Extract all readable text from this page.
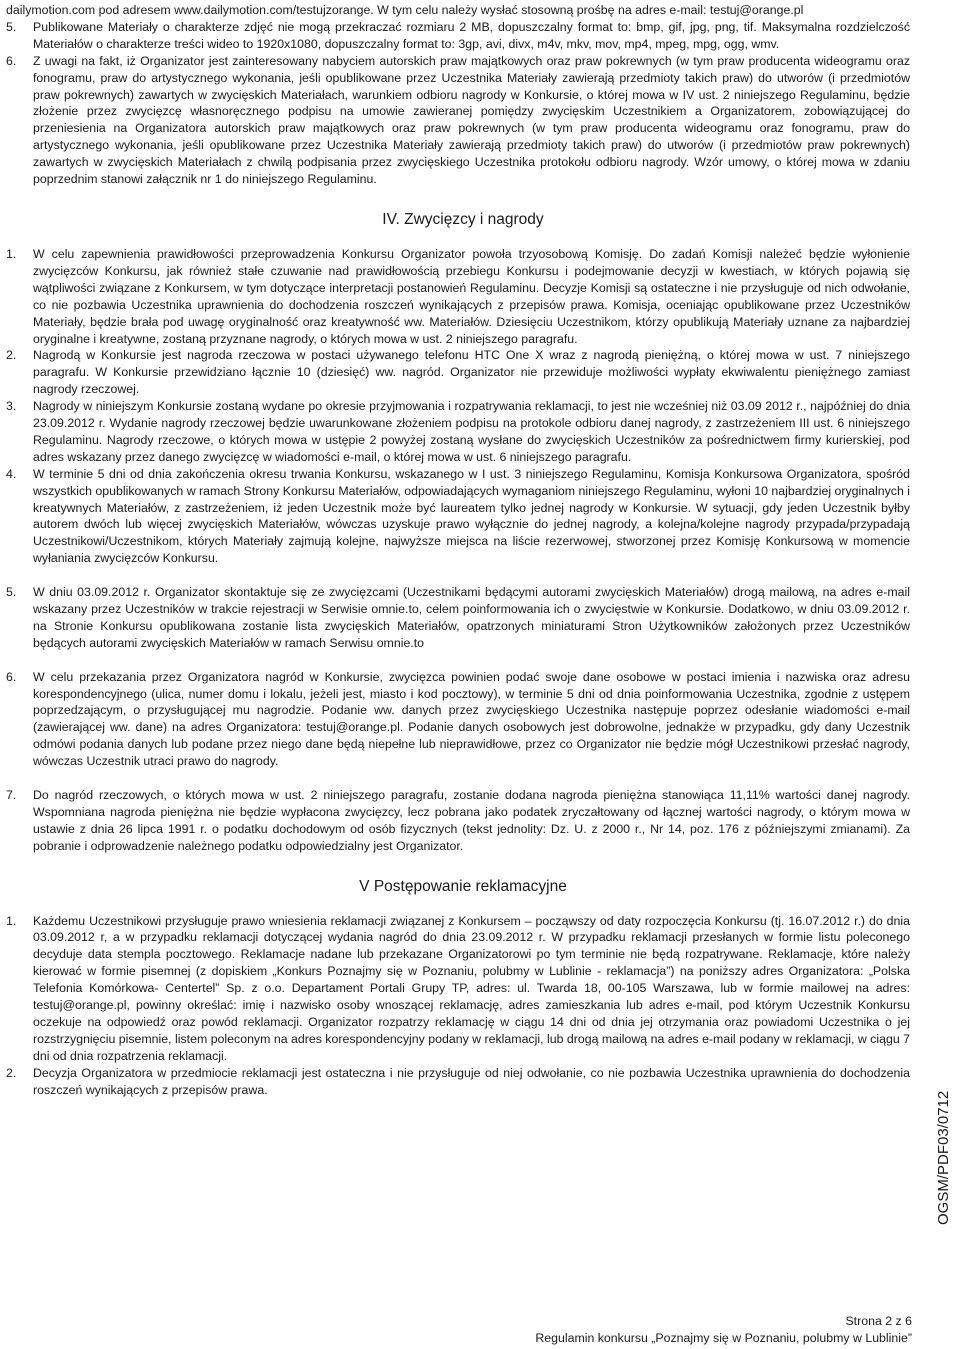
dailymotion.com pod adresem www.dailymotion.com/testujzorange. W tym celu należy wysłać stosowną prośbę na adres e-mail: testuj@orange.pl

5. Publikowane Materiały o charakterze zdjęć nie mogą przekraczać rozmiaru 2 MB, dopuszczalny format to: bmp, gif, jpg, png, tif. Maksymalna rozdzielczość Materiałów o charakterze treści wideo to 1920x1080, dopuszczalny format to: 3gp, avi, divx, m4v, mkv, mov, mp4, mpeg, mpg, ogg, wmv.
6. Z uwagi na fakt, iż Organizator jest zainteresowany nabyciem autorskich praw majątkowych oraz praw pokrewnych (w tym praw producenta wideogramu oraz fonogramu, praw do artystycznego wykonania, jeśli opublikowane przez Uczestnika Materiały zawierają przedmioty takich praw) do utworów (i przedmiotów praw pokrewnych) zawartych w zwycięskich Materiałach, warunkiem odbioru nagrody w Konkursie, o której mowa w IV ust. 2 niniejszego Regulaminu, będzie złożenie przez zwycięzcę własnoręcznego podpisu na umowie zawieranej pomiędzy zwycięskim Uczestnikiem a Organizatorem, zobowiązującej do przeniesienia na Organizatora autorskich praw majątkowych oraz praw pokrewnych (w tym praw producenta wideogramu oraz fonogramu, praw do artystycznego wykonania, jeśli opublikowane przez Uczestnika Materiały zawierają przedmioty takich praw) do utworów (i przedmiotów praw pokrewnych) zawartych w zwycięskich Materiałach z chwilą podpisania przez zwycięskiego Uczestnika protokołu odbioru nagrody. Wzór umowy, o której mowa w zdaniu poprzednim stanowi załącznik nr 1 do niniejszego Regulaminu.
IV. Zwycięzcy i nagrody
1. W celu zapewnienia prawidłowości przeprowadzenia Konkursu Organizator powoła trzyosobową Komisję. Do zadań Komisji należeć będzie wyłonienie zwycięzców Konkursu, jak również stałe czuwanie nad prawidłowością przebiegu Konkursu i podejmowanie decyzji w kwestiach, w których pojawią się wątpliwości związane z Konkursem, w tym dotyczące interpretacji postanowień Regulaminu. Decyzje Komisji są ostateczne i nie przysługuje od nich odwołanie, co nie pozbawia Uczestnika uprawnienia do dochodzenia roszczeń wynikających z przepisów prawa. Komisja, oceniając opublikowane przez Uczestników Materiały, będzie brała pod uwagę oryginalność oraz kreatywność ww. Materiałów. Dziesięciu Uczestnikom, którzy opublikują Materiały uznane za najbardziej oryginalne i kreatywne, zostaną przyznane nagrody, o których mowa w ust. 2 niniejszego paragrafu.
2. Nagrodą w Konkursie jest nagroda rzeczowa w postaci używanego telefonu HTC One X wraz z nagrodą pieniężną, o której mowa w ust. 7 niniejszego paragrafu. W Konkursie przewidziano łącznie 10 (dziesięć) ww. nagród. Organizator nie przewiduje możliwości wypłaty ekwiwalentu pieniężnego zamiast nagrody rzeczowej.
3. Nagrody w niniejszym Konkursie zostaną wydane po okresie przyjmowania i rozpatrywania reklamacji, to jest nie wcześniej niż 03.09 2012 r., najpóźniej do dnia 23.09.2012 r. Wydanie nagrody rzeczowej będzie uwarunkowane złożeniem podpisu na protokole odbioru danej nagrody, z zastrzeżeniem III ust. 6 niniejszego Regulaminu. Nagrody rzeczowe, o których mowa w ustępie 2 powyżej zostaną wysłane do zwycięskich Uczestników za pośrednictwem firmy kurierskiej, pod adres wskazany przez danego zwycięzcę w wiadomości e-mail, o której mowa w ust. 6 niniejszego paragrafu.
4. W terminie 5 dni od dnia zakończenia okresu trwania Konkursu, wskazanego w I ust. 3 niniejszego Regulaminu, Komisja Konkursowa Organizatora, spośród wszystkich opublikowanych w ramach Strony Konkursu Materiałów, odpowiadających wymaganiom niniejszego Regulaminu, wyłoni 10 najbardziej oryginalnych i kreatywnych Materiałów, z zastrzeżeniem, iż jeden Uczestnik może być laureatem tylko jednej nagrody w Konkursie. W sytuacji, gdy jeden Uczestnik byłby autorem dwóch lub więcej zwycięskich Materiałów, wówczas uzyskuje prawo wyłącznie do jednej nagrody, a kolejna/kolejne nagrody przypada/przypadają Uczestnikowi/Uczestnikom, których Materiały zajmują kolejne, najwyższe miejsca na liście rezerwowej, stworzonej przez Komisję Konkursową w momencie wyłaniania zwycięzców Konkursu.
5. W dniu 03.09.2012 r. Organizator skontaktuje się ze zwycięzcami (Uczestnikami będącymi autorami zwycięskich Materiałów) drogą mailową, na adres e-mail wskazany przez Uczestników w trakcie rejestracji w Serwisie omnie.to, celem poinformowania ich o zwycięstwie w Konkursie. Dodatkowo, w dniu 03.09.2012 r. na Stronie Konkursu opublikowana zostanie lista zwycięskich Materiałów, opatrzonych miniaturami Stron Użytkowników założonych przez Uczestników będących autorami zwycięskich Materiałów w ramach Serwisu omnie.to
6. W celu przekazania przez Organizatora nagród w Konkursie, zwycięzca powinien podać swoje dane osobowe w postaci imienia i nazwiska oraz adresu korespondencyjnego (ulica, numer domu i lokalu, jeżeli jest, miasto i kod pocztowy), w terminie 5 dni od dnia poinformowania Uczestnika, zgodnie z ustępem poprzedzającym, o przysługującej mu nagrodzie. Podanie ww. danych przez zwycięskiego Uczestnika następuje poprzez odesłanie wiadomości e-mail (zawierającej ww. dane) na adres Organizatora: testuj@orange.pl. Podanie danych osobowych jest dobrowolne, jednakże w przypadku, gdy dany Uczestnik odmówi podania danych lub podane przez niego dane będą niepełne lub nieprawidłowe, przez co Organizator nie będzie mógł Uczestnikowi przesłać nagrody, wówczas Uczestnik utraci prawo do nagrody.
7. Do nagród rzeczowych, o których mowa w ust. 2 niniejszego paragrafu, zostanie dodana nagroda pieniężna stanowiąca 11,11% wartości danej nagrody. Wspomniana nagroda pieniężna nie będzie wypłacona zwycięzcy, lecz pobrana jako podatek zryczałtowany od łącznej wartości nagrody, o którym mowa w ustawie z dnia 26 lipca 1991 r. o podatku dochodowym od osób fizycznych (tekst jednolity: Dz. U. z 2000 r., Nr 14, poz. 176 z późniejszymi zmianami). Za pobranie i odprowadzenie należnego podatku odpowiedzialny jest Organizator.
V Postępowanie reklamacyjne
1. Każdemu Uczestnikowi przysługuje prawo wniesienia reklamacji związanej z Konkursem – począwszy od daty rozpoczęcia Konkursu (tj. 16.07.2012 r.) do dnia 03.09.2012 r, a w przypadku reklamacji dotyczącej wydania nagród do dnia 23.09.2012 r. W przypadku reklamacji przesłanych w formie listu poleconego decyduje data stempla pocztowego. Reklamacje nadane lub przekazane Organizatorowi po tym terminie nie będą rozpatrywane. Reklamacje, które należy kierować w formie pisemnej (z dopiskiem „Konkurs Poznajmy się w Poznaniu, polubmy w Lublinie - reklamacja”) na poniższy adres Organizatora: „Polska Telefonia Komórkowa- Centertel” Sp. z o.o. Departament Portali Grupy TP, adres: ul. Twarda 18, 00-105 Warszawa, lub w formie mailowej na adres: testuj@orange.pl, powinny określać: imię i nazwisko osoby wnoszącej reklamację, adres zamieszkania lub adres e-mail, pod którym Uczestnik Konkursu oczekuje na odpowiedź oraz powód reklamacji. Organizator rozpatrzy reklamację w ciągu 14 dni od dnia jej otrzymania oraz powiadomi Uczestnika o jej rozstrzygnięciu pisemnie, listem poleconym na adres korespondencyjny podany w reklamacji, lub drogą mailową na adres e-mail podany w reklamacji, w ciągu 7 dni od dnia rozpatrzenia reklamacji.
2. Decyzja Organizatora w przedmiocie reklamacji jest ostateczna i nie przysługuje od niej odwołanie, co nie pozbawia Uczestnika uprawnienia do dochodzenia roszczeń wynikających z przepisów prawa.
OGSM/PDF03/0712
Strona 2 z 6
Regulamin konkursu „Poznajmy się w Poznaniu, polubmy w Lublinie”
